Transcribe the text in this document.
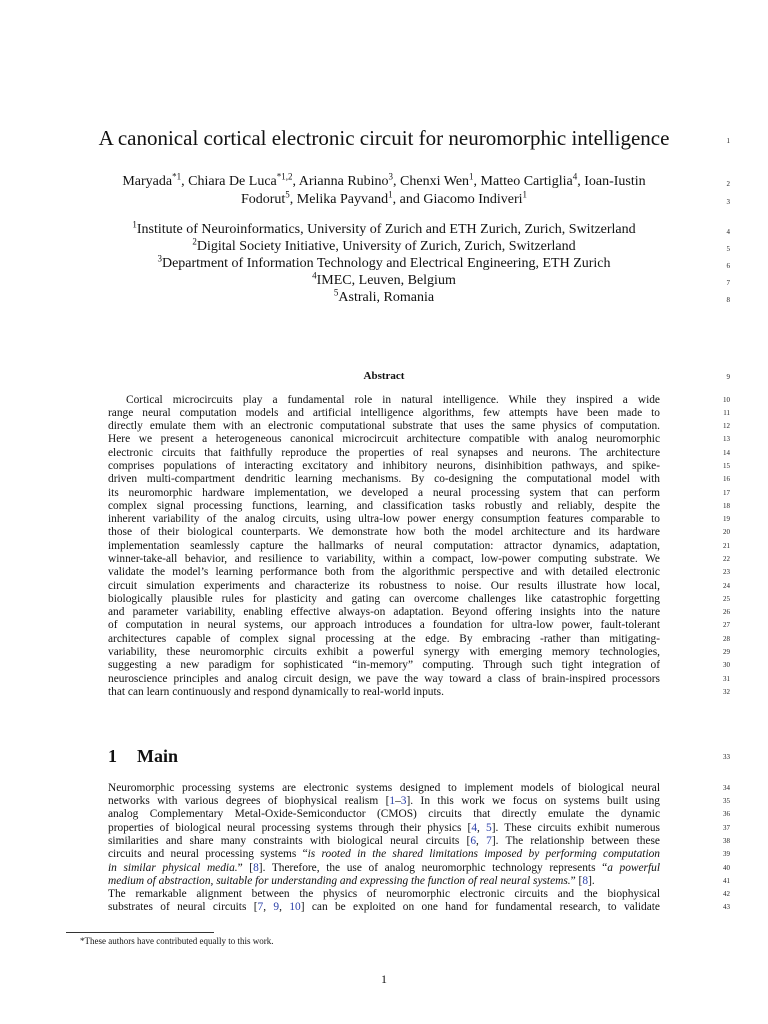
A canonical cortical electronic circuit for neuromorphic intelligence
Maryada$^{*1}$, Chiara De Luca$^{*1,2}$, Arianna Rubino$^3$, Chenxi Wen$^1$, Matteo Cartiglia$^4$, Ioan-Iustin
Fodorut$^5$, Melika Payvand$^1$, and Giacomo Indiveri$^1$
$^1$Institute of Neuroinformatics, University of Zurich and ETH Zurich, Zurich, Switzerland
$^2$Digital Society Initiative, University of Zurich, Zurich, Switzerland
$^3$Department of Information Technology and Electrical Engineering, ETH Zurich
$^4$IMEC, Leuven, Belgium
$^5$Astrali, Romania
Abstract
Cortical microcircuits play a fundamental role in natural intelligence. While they inspired a wide
range neural computation models and artificial intelligence algorithms, few attempts have been made to
directly emulate them with an electronic computational substrate that uses the same physics of computation.
Here we present a heterogeneous canonical microcircuit architecture compatible with analog neuromorphic
electronic circuits that faithfully reproduce the properties of real synapses and neurons. The architecture
comprises populations of interacting excitatory and inhibitory neurons, disinhibition pathways, and spike-
driven multi-compartment dendritic learning mechanisms. By co-designing the computational model with
its neuromorphic hardware implementation, we developed a neural processing system that can perform
complex signal processing functions, learning, and classification tasks robustly and reliably, despite the
inherent variability of the analog circuits, using ultra-low power energy consumption features comparable to
those of their biological counterparts. We demonstrate how both the model architecture and its hardware
implementation seamlessly capture the hallmarks of neural computation: attractor dynamics, adaptation,
winner-take-all behavior, and resilience to variability, within a compact, low-power computing substrate. We
validate the model’s learning performance both from the algorithmic perspective and with detailed electronic
circuit simulation experiments and characterize its robustness to noise. Our results illustrate how local,
biologically plausible rules for plasticity and gating can overcome challenges like catastrophic forgetting
and parameter variability, enabling effective always-on adaptation. Beyond offering insights into the nature
of computation in neural systems, our approach introduces a foundation for ultra-low power, fault-tolerant
architectures capable of complex signal processing at the edge. By embracing -rather than mitigating-
variability, these neuromorphic circuits exhibit a powerful synergy with emerging memory technologies,
suggesting a new paradigm for sophisticated “in-memory” computing. Through such tight integration of
neuroscience principles and analog circuit design, we pave the way toward a class of brain-inspired processors
that can learn continuously and respond dynamically to real-world inputs.
1 Main
Neuromorphic processing systems are electronic systems designed to implement models of biological neural
networks with various degrees of biophysical realism [1–3]. In this work we focus on systems built using
analog Complementary Metal-Oxide-Semiconductor (CMOS) circuits that directly emulate the dynamic
properties of biological neural processing systems through their physics [4, 5]. These circuits exhibit numerous
similarities and share many constraints with biological neural circuits [6, 7]. The relationship between these
circuits and neural processing systems “is rooted in the shared limitations imposed by performing computation
in similar physical media.” [8]. Therefore, the use of analog neuromorphic technology represents “a powerful
medium of abstraction, suitable for understanding and expressing the function of real neural systems.” [8].
The remarkable alignment between the physics of neuromorphic electronic circuits and the biophysical
substrates of neural circuits [7, 9, 10] can be exploited on one hand for fundamental research, to validate
*These authors have contributed equally to this work.
1
1
2
3
4
5
6
7
8
9
10
11
12
13
14
15
16
17
18
19
20
21
22
23
24
25
26
27
28
29
30
31
32
33
34
35
36
37
38
39
40
41
42
43
